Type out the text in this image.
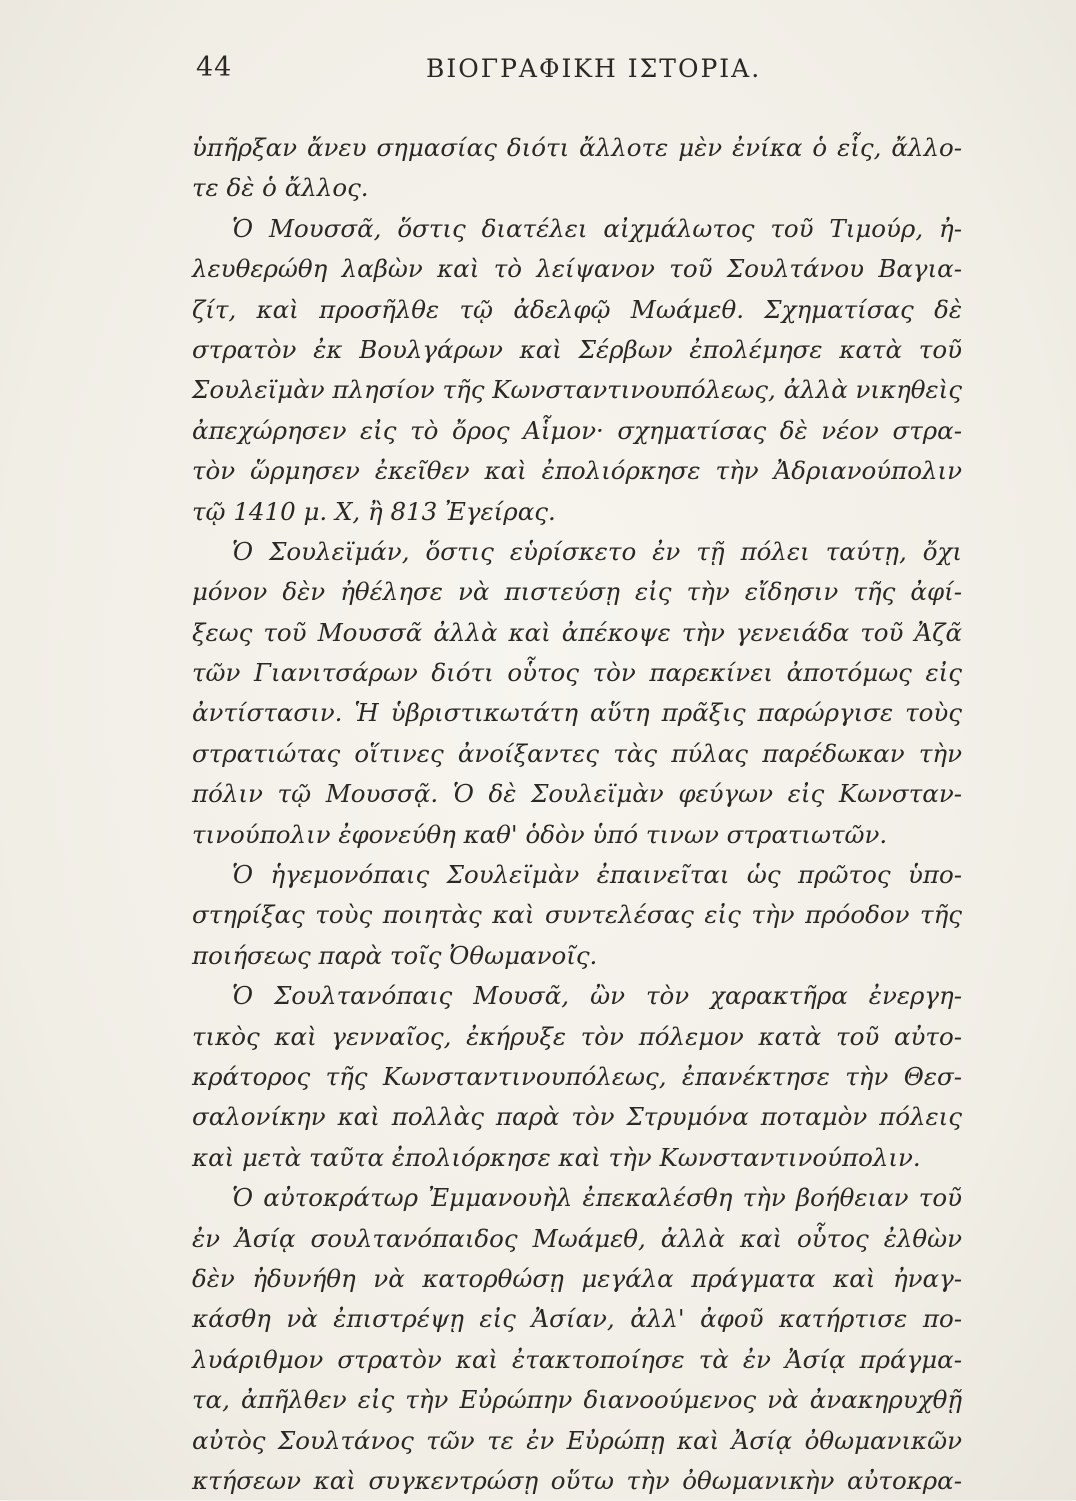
44	ΒΙΟΓΡΑΦΙΚΗ ΙΣΤΟΡΙΑ.
ὑπῆρξαν ἄνευ σημασίας διότι ἄλλοτε μὲν ἐνίκα ὁ εἷς, ἄλλο-
τε δὲ ὁ ἄλλος.
Ὁ Μουσσᾶ, ὅστις διατέλει αἰχμάλωτος τοῦ Τιμούρ, ἠ-
λευθερώθη λαβὼν καὶ τὸ λείψανον τοῦ Σουλτάνου Βαγια-
ζίτ, καὶ προσῆλθε τῷ ἀδελφῷ Μωάμεθ. Σχηματίσας δὲ
στρατὸν ἐκ Βουλγάρων καὶ Σέρβων ἐπολέμησε κατὰ τοῦ
Σουλεϊμὰν πλησίον τῆς Κωνσταντινουπόλεως, ἀλλὰ νικηθεὶς
ἀπεχώρησεν εἰς τὸ ὄρος Αἷμον· σχηματίσας δὲ νέον στρα-
τὸν ὥρμησεν ἐκεῖθεν καὶ ἐπολιόρκησε τὴν Ἀδριανούπολιν
τῷ 1410 μ. Χ, ἢ 813 Ἐγείρας.
Ὁ Σουλεϊμάν, ὅστις εὑρίσκετο ἐν τῇ πόλει ταύτῃ, ὄχι
μόνον δὲν ἠθέλησε νὰ πιστεύσῃ εἰς τὴν εἴδησιν τῆς ἀφί-
ξεως τοῦ Μουσσᾶ ἀλλὰ καὶ ἀπέκοψε τὴν γενειάδα τοῦ Ἀζᾶ
τῶν Γιανιτσάρων διότι οὗτος τὸν παρεκίνει ἀποτόμως εἰς
ἀντίστασιν. Ἡ ὑβριστικωτάτη αὕτη πρᾶξις παρώργισε τοὺς
στρατιώτας οἵτινες ἀνοίξαντες τὰς πύλας παρέδωκαν τὴν
πόλιν τῷ Μουσσᾷ. Ὁ δὲ Σουλεϊμὰν φεύγων εἰς Κωνσταν-
τινούπολιν ἐφονεύθη καθ' ὁδὸν ὑπό τινων στρατιωτῶν.
Ὁ ἡγεμονόπαις Σουλεϊμὰν ἐπαινεῖται ὡς πρῶτος ὑπο-
στηρίξας τοὺς ποιητὰς καὶ συντελέσας εἰς τὴν πρόοδον τῆς
ποιήσεως παρὰ τοῖς Ὀθωμανοῖς.
Ὁ Σουλτανόπαις Μουσᾶ, ὢν τὸν χαρακτῆρα ἐνεργη-
τικὸς καὶ γενναῖος, ἐκήρυξε τὸν πόλεμον κατὰ τοῦ αὐτο-
κράτορος τῆς Κωνσταντινουπόλεως, ἐπανέκτησε τὴν Θεσ-
σαλονίκην καὶ πολλὰς παρὰ τὸν Στρυμόνα ποταμὸν πόλεις
καὶ μετὰ ταῦτα ἐπολιόρκησε καὶ τὴν Κωνσταντινούπολιν.
Ὁ αὐτοκράτωρ Ἐμμανουὴλ ἐπεκαλέσθη τὴν βοήθειαν τοῦ
ἐν Ἀσίᾳ σουλτανόπαιδος Μωάμεθ, ἀλλὰ καὶ οὗτος ἐλθὼν
δὲν ἠδυνήθη νὰ κατορθώσῃ μεγάλα πράγματα καὶ ἠναγ-
κάσθη νὰ ἐπιστρέψῃ εἰς Ἀσίαν, ἀλλ' ἀφοῦ κατήρτισε πο-
λυάριθμον στρατὸν καὶ ἐτακτοποίησε τὰ ἐν Ἀσίᾳ πράγμα-
τα, ἀπῆλθεν εἰς τὴν Εὐρώπην διανοούμενος νὰ ἀνακηρυχθῇ
αὐτὸς Σουλτάνος τῶν τε ἐν Εὐρώπῃ καὶ Ἀσίᾳ ὀθωμανικῶν
κτήσεων καὶ συγκεντρώσῃ οὕτω τὴν ὀθωμανικὴν αὐτοκρα-
